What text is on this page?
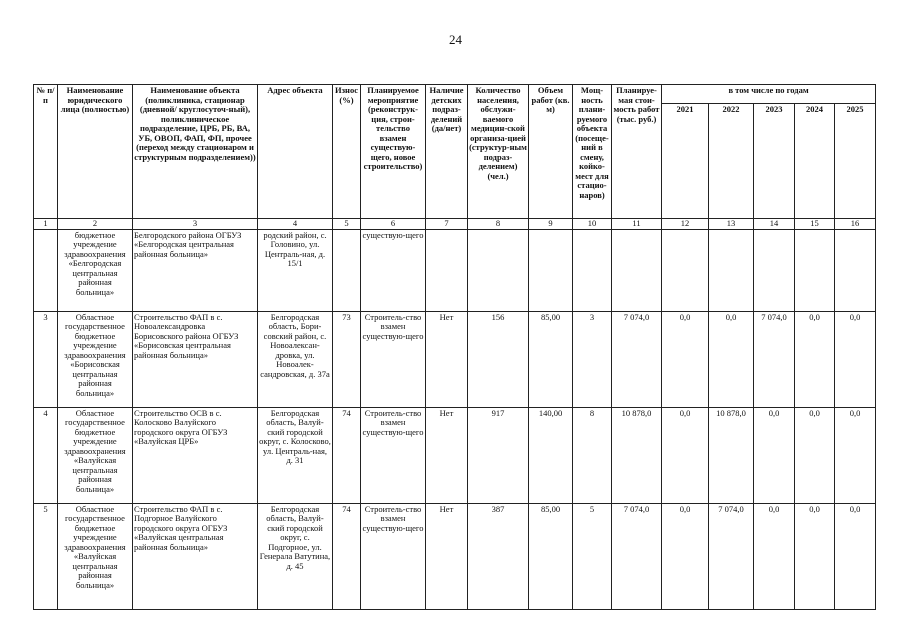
24
№ п/п	Наименование юридического лица (полностью)	Наименование объекта (поликлиника, стационар (дневной/ круглосуточ-ный), поликлиническое подразделение, ЦРБ, РБ, ВА, УБ, ОВОП, ФАП, ФП, прочее (переход между стационаром и структурным подразделением))	Адрес объекта	Износ (%)	Планируемое мероприятие (реконструк-ция, строи-тельство взамен существую-щего, новое строительство)	Наличие детских подраз-делений (да/нет)	Количество населения, обслужи-ваемого медицин-ской организа-цией (структур-ным подраз-делением) (чел.)	Объем работ (кв. м)	Мощ-ность плани-руемого объекта (посеще-ний в смену, койко-мест для стацио-наров)	Планируе-мая стои-мость работ (тыс. руб.)	в том числе по годам				
											2021	2022	2023	2024	2025
1	2	3	4	5	6	7	8	9	10	11	12	13	14	15	16
	бюджетное учреждение здравоохранения «Белгородская центральная районная больница»	Белгородского района ОГБУЗ «Белгородская центральная районная больница»	родский район, с. Головино, ул. Централь-ная, д. 15/1		существую-щего										
3	Областное государственное бюджетное учреждение здравоохранения «Борисовская центральная районная больница»	Строительство ФАП в с. Новоалександровка Борисовского района ОГБУЗ «Борисовская центральная районная больница»	Белгородская область, Бори-совский район, с. Новоалексан-дровка, ул. Новоалек-сандровская, д. 37а	73	Строитель-ство взамен существую-щего	Нет	156	85,00	3	7 074,0	0,0	0,0	7 074,0	0,0	0,0
4	Областное государственное бюджетное учреждение здравоохранения «Валуйская центральная районная больница»	Строительство ОСВ в с. Колосково Валуйского городского округа ОГБУЗ «Валуйская ЦРБ»	Белгородская область, Валуй-ский городской округ, с. Колосково, ул. Централь-ная, д. 31	74	Строитель-ство взамен существую-щего	Нет	917	140,00	8	10 878,0	0,0	10 878,0	0,0	0,0	0,0
5	Областное государственное бюджетное учреждение здравоохранения «Валуйская центральная районная больница»	Строительство ФАП в с. Подгорное Валуйского городского округа ОГБУЗ «Валуйская центральная районная больница»	Белгородская область, Валуй-ский городской округ, с. Подгорное, ул. Генерала Ватутина, д. 45	74	Строитель-ство взамен существую-щего	Нет	387	85,00	5	7 074,0	0,0	7 074,0	0,0	0,0	0,0
